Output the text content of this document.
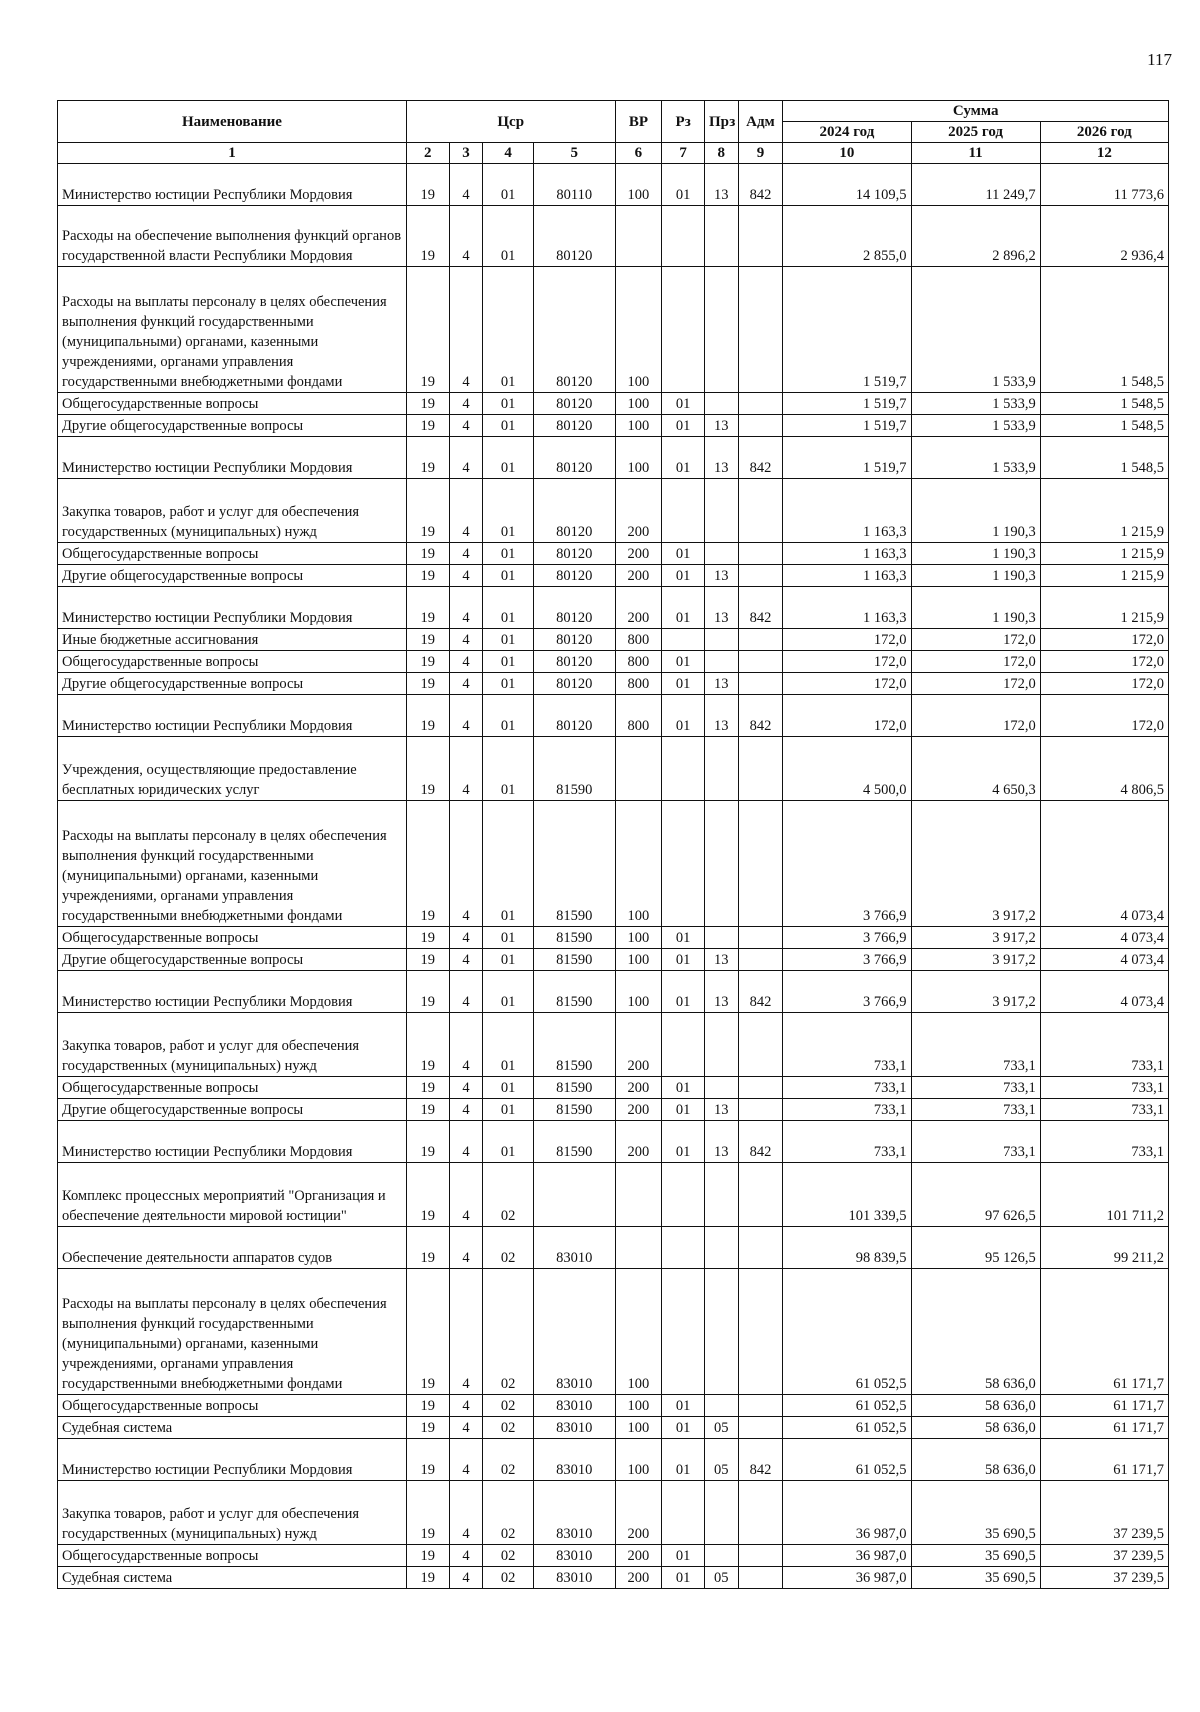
117
Наименование	Цср				ВР	Рз	Прз	Адм	Сумма		
									2024 год	2025 год	2026 год
1	2	3	4	5	6	7	8	9	10	11	12
Министерство юстиции Республики Мордовия	19	4	01	80110	100	01	13	842	14 109,5	11 249,7	11 773,6
Расходы на обеспечение выполнения функций органов государственной власти Республики Мордовия	19	4	01	80120					2 855,0	2 896,2	2 936,4
Расходы на выплаты персоналу в целях обеспечения выполнения функций государственными (муниципальными) органами, казенными учреждениями, органами управления государственными внебюджетными фондами	19	4	01	80120	100				1 519,7	1 533,9	1 548,5
Общегосударственные вопросы	19	4	01	80120	100	01			1 519,7	1 533,9	1 548,5
Другие общегосударственные вопросы	19	4	01	80120	100	01	13		1 519,7	1 533,9	1 548,5
Министерство юстиции Республики Мордовия	19	4	01	80120	100	01	13	842	1 519,7	1 533,9	1 548,5
Закупка товаров, работ и услуг для обеспечения государственных (муниципальных) нужд	19	4	01	80120	200				1 163,3	1 190,3	1 215,9
Общегосударственные вопросы	19	4	01	80120	200	01			1 163,3	1 190,3	1 215,9
Другие общегосударственные вопросы	19	4	01	80120	200	01	13		1 163,3	1 190,3	1 215,9
Министерство юстиции Республики Мордовия	19	4	01	80120	200	01	13	842	1 163,3	1 190,3	1 215,9
Иные бюджетные ассигнования	19	4	01	80120	800				172,0	172,0	172,0
Общегосударственные вопросы	19	4	01	80120	800	01			172,0	172,0	172,0
Другие общегосударственные вопросы	19	4	01	80120	800	01	13		172,0	172,0	172,0
Министерство юстиции Республики Мордовия	19	4	01	80120	800	01	13	842	172,0	172,0	172,0
Учреждения, осуществляющие предоставление бесплатных юридических услуг	19	4	01	81590					4 500,0	4 650,3	4 806,5
Расходы на выплаты персоналу в целях обеспечения выполнения функций государственными (муниципальными) органами, казенными учреждениями, органами управления государственными внебюджетными фондами	19	4	01	81590	100				3 766,9	3 917,2	4 073,4
Общегосударственные вопросы	19	4	01	81590	100	01			3 766,9	3 917,2	4 073,4
Другие общегосударственные вопросы	19	4	01	81590	100	01	13		3 766,9	3 917,2	4 073,4
Министерство юстиции Республики Мордовия	19	4	01	81590	100	01	13	842	3 766,9	3 917,2	4 073,4
Закупка товаров, работ и услуг для обеспечения государственных (муниципальных) нужд	19	4	01	81590	200				733,1	733,1	733,1
Общегосударственные вопросы	19	4	01	81590	200	01			733,1	733,1	733,1
Другие общегосударственные вопросы	19	4	01	81590	200	01	13		733,1	733,1	733,1
Министерство юстиции Республики Мордовия	19	4	01	81590	200	01	13	842	733,1	733,1	733,1
Комплекс процессных мероприятий "Организация и обеспечение деятельности мировой юстиции"	19	4	02						101 339,5	97 626,5	101 711,2
Обеспечение деятельности аппаратов судов	19	4	02	83010					98 839,5	95 126,5	99 211,2
Расходы на выплаты персоналу в целях обеспечения выполнения функций государственными (муниципальными) органами, казенными учреждениями, органами управления государственными внебюджетными фондами	19	4	02	83010	100				61 052,5	58 636,0	61 171,7
Общегосударственные вопросы	19	4	02	83010	100	01			61 052,5	58 636,0	61 171,7
Судебная система	19	4	02	83010	100	01	05		61 052,5	58 636,0	61 171,7
Министерство юстиции Республики Мордовия	19	4	02	83010	100	01	05	842	61 052,5	58 636,0	61 171,7
Закупка товаров, работ и услуг для обеспечения государственных (муниципальных) нужд	19	4	02	83010	200				36 987,0	35 690,5	37 239,5
Общегосударственные вопросы	19	4	02	83010	200	01			36 987,0	35 690,5	37 239,5
Судебная система	19	4	02	83010	200	01	05		36 987,0	35 690,5	37 239,5
